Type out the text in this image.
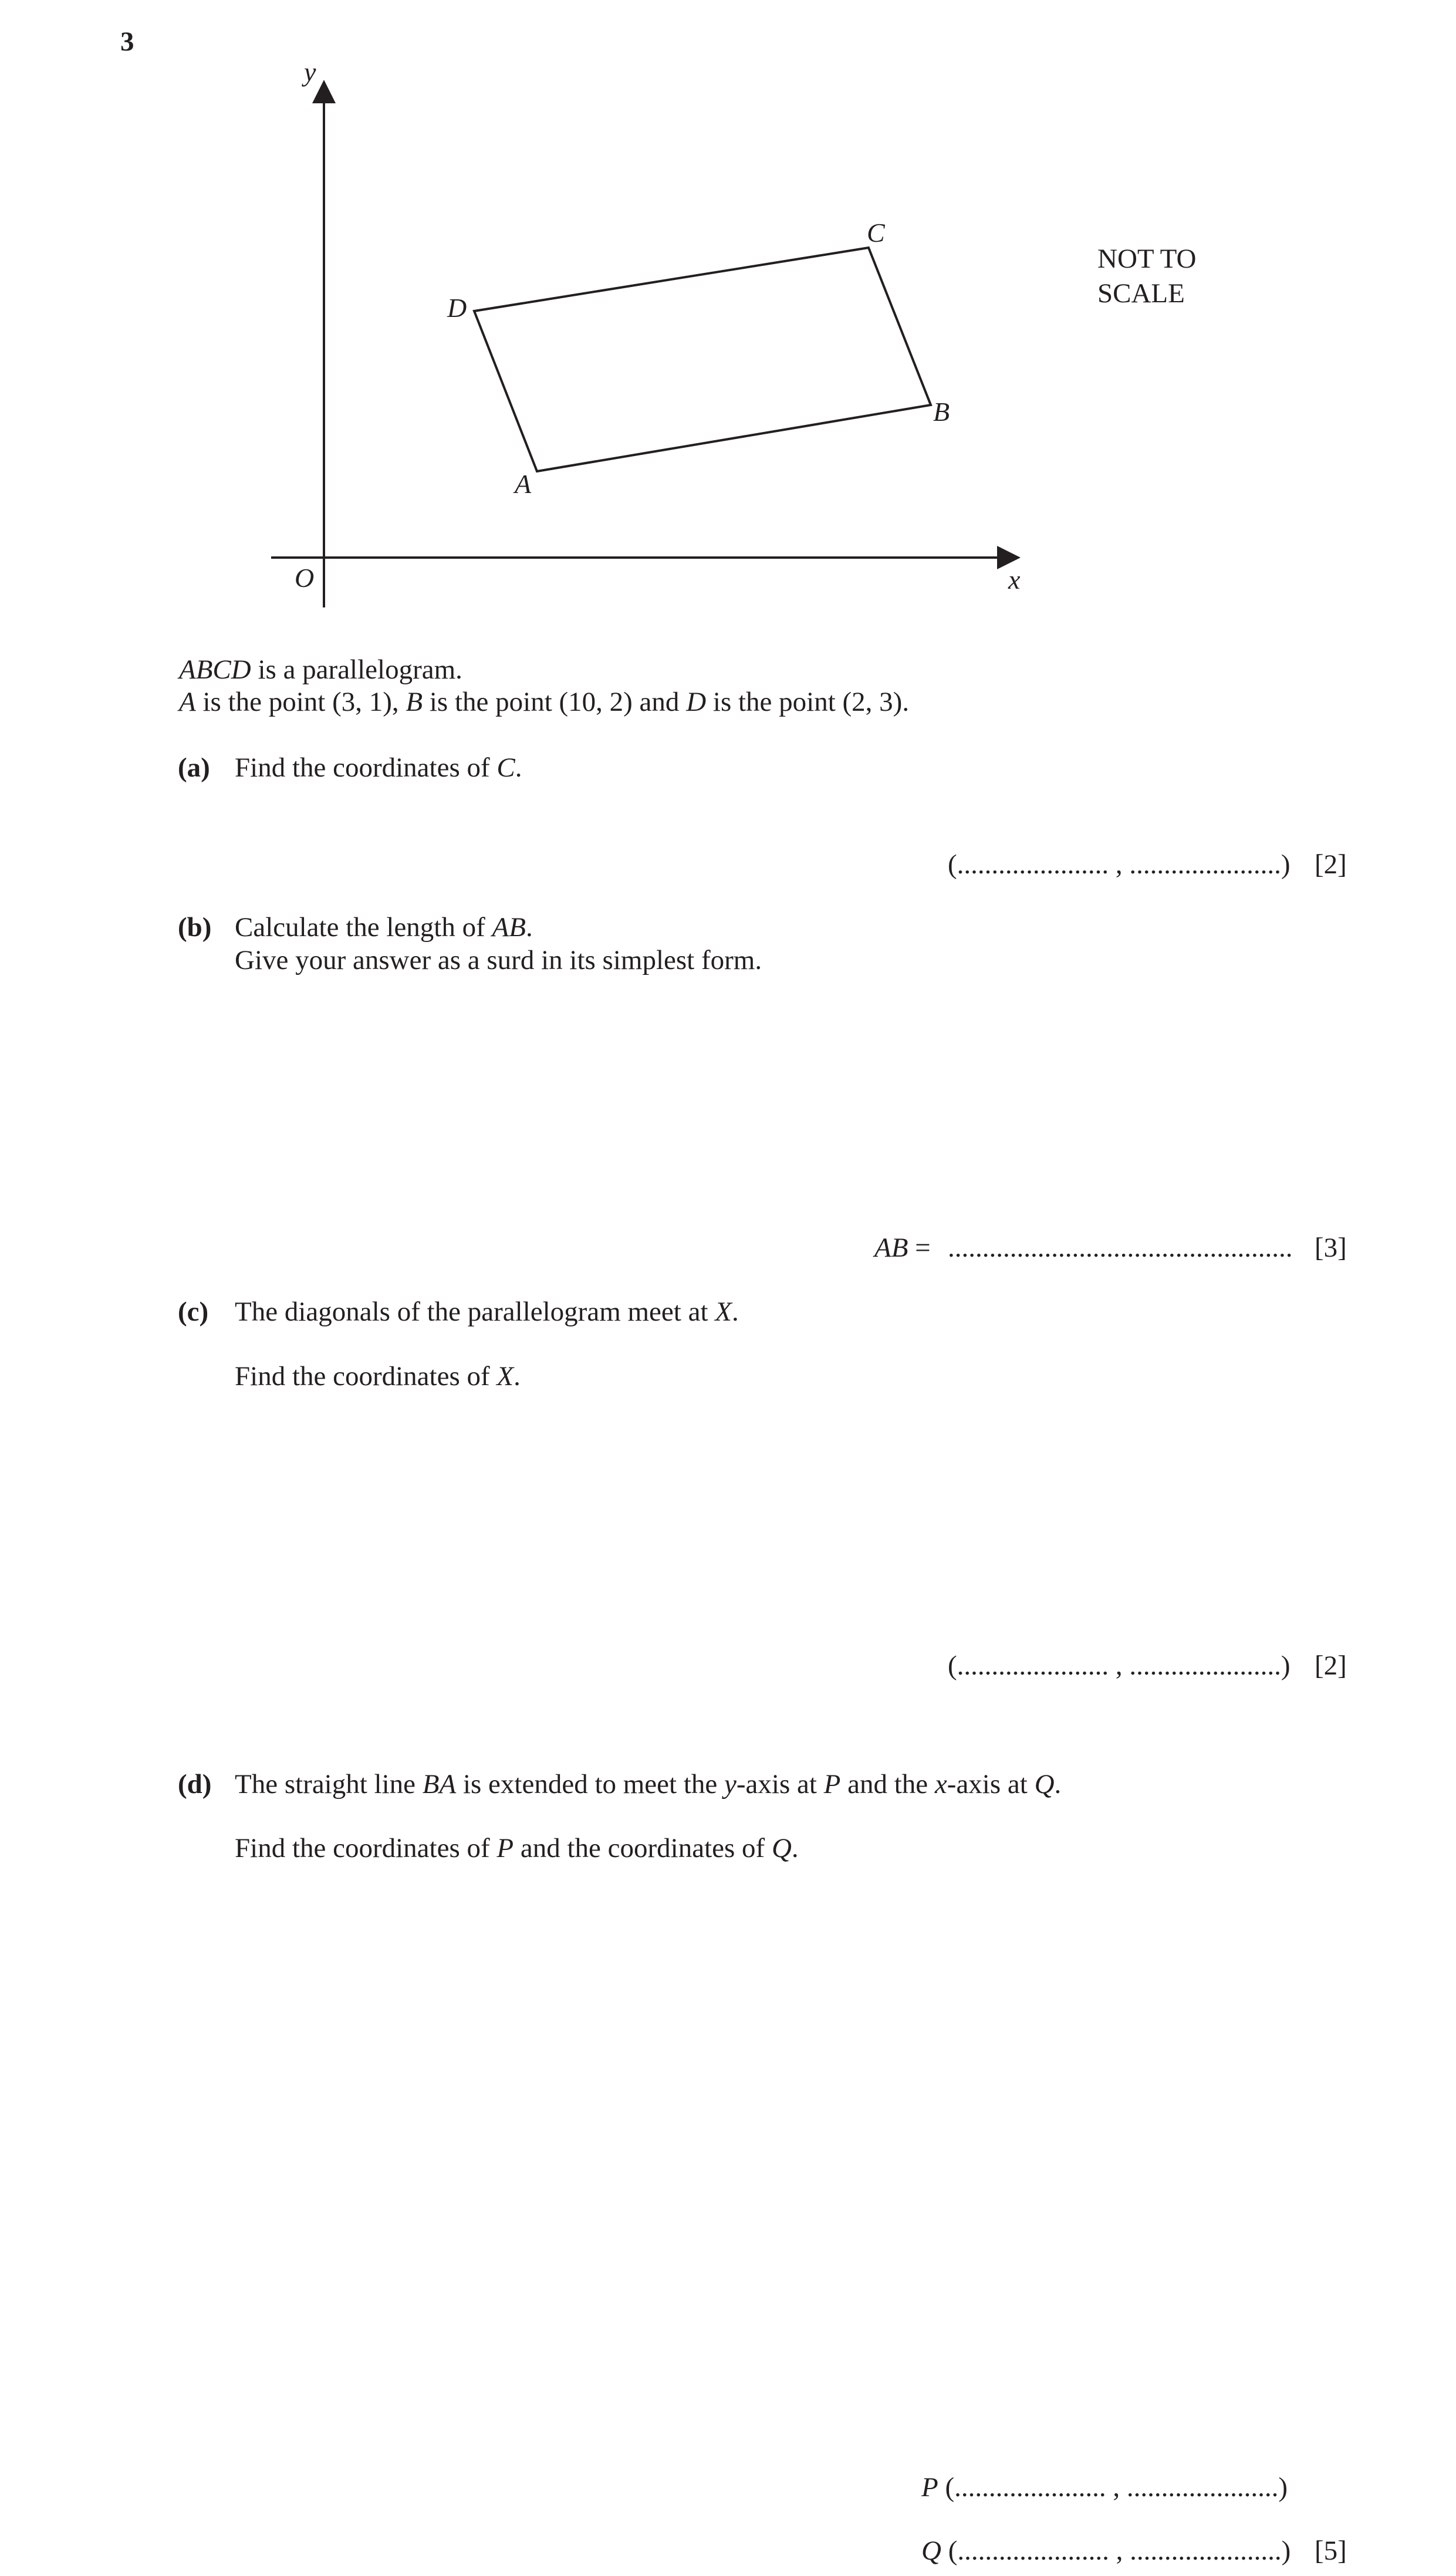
3
y
x
O
A
B
C
D
NOT TO
SCALE
ABCD is a parallelogram.
A is the point (3, 1), B is the point (10, 2) and D is the point (2, 3).
(a) Find the coordinates of C.
(...................... , ......................) [2]
(b) Calculate the length of AB.
Give your answer as a surd in its simplest form.
AB = .................................................. [3]
(c) The diagonals of the parallelogram meet at X.
Find the coordinates of X.
(...................... , ......................) [2]
(d) The straight line BA is extended to meet the y-axis at P and the x-axis at Q.
Find the coordinates of P and the coordinates of Q.
P (...................... , ......................)
Q (...................... , ......................) [5]
